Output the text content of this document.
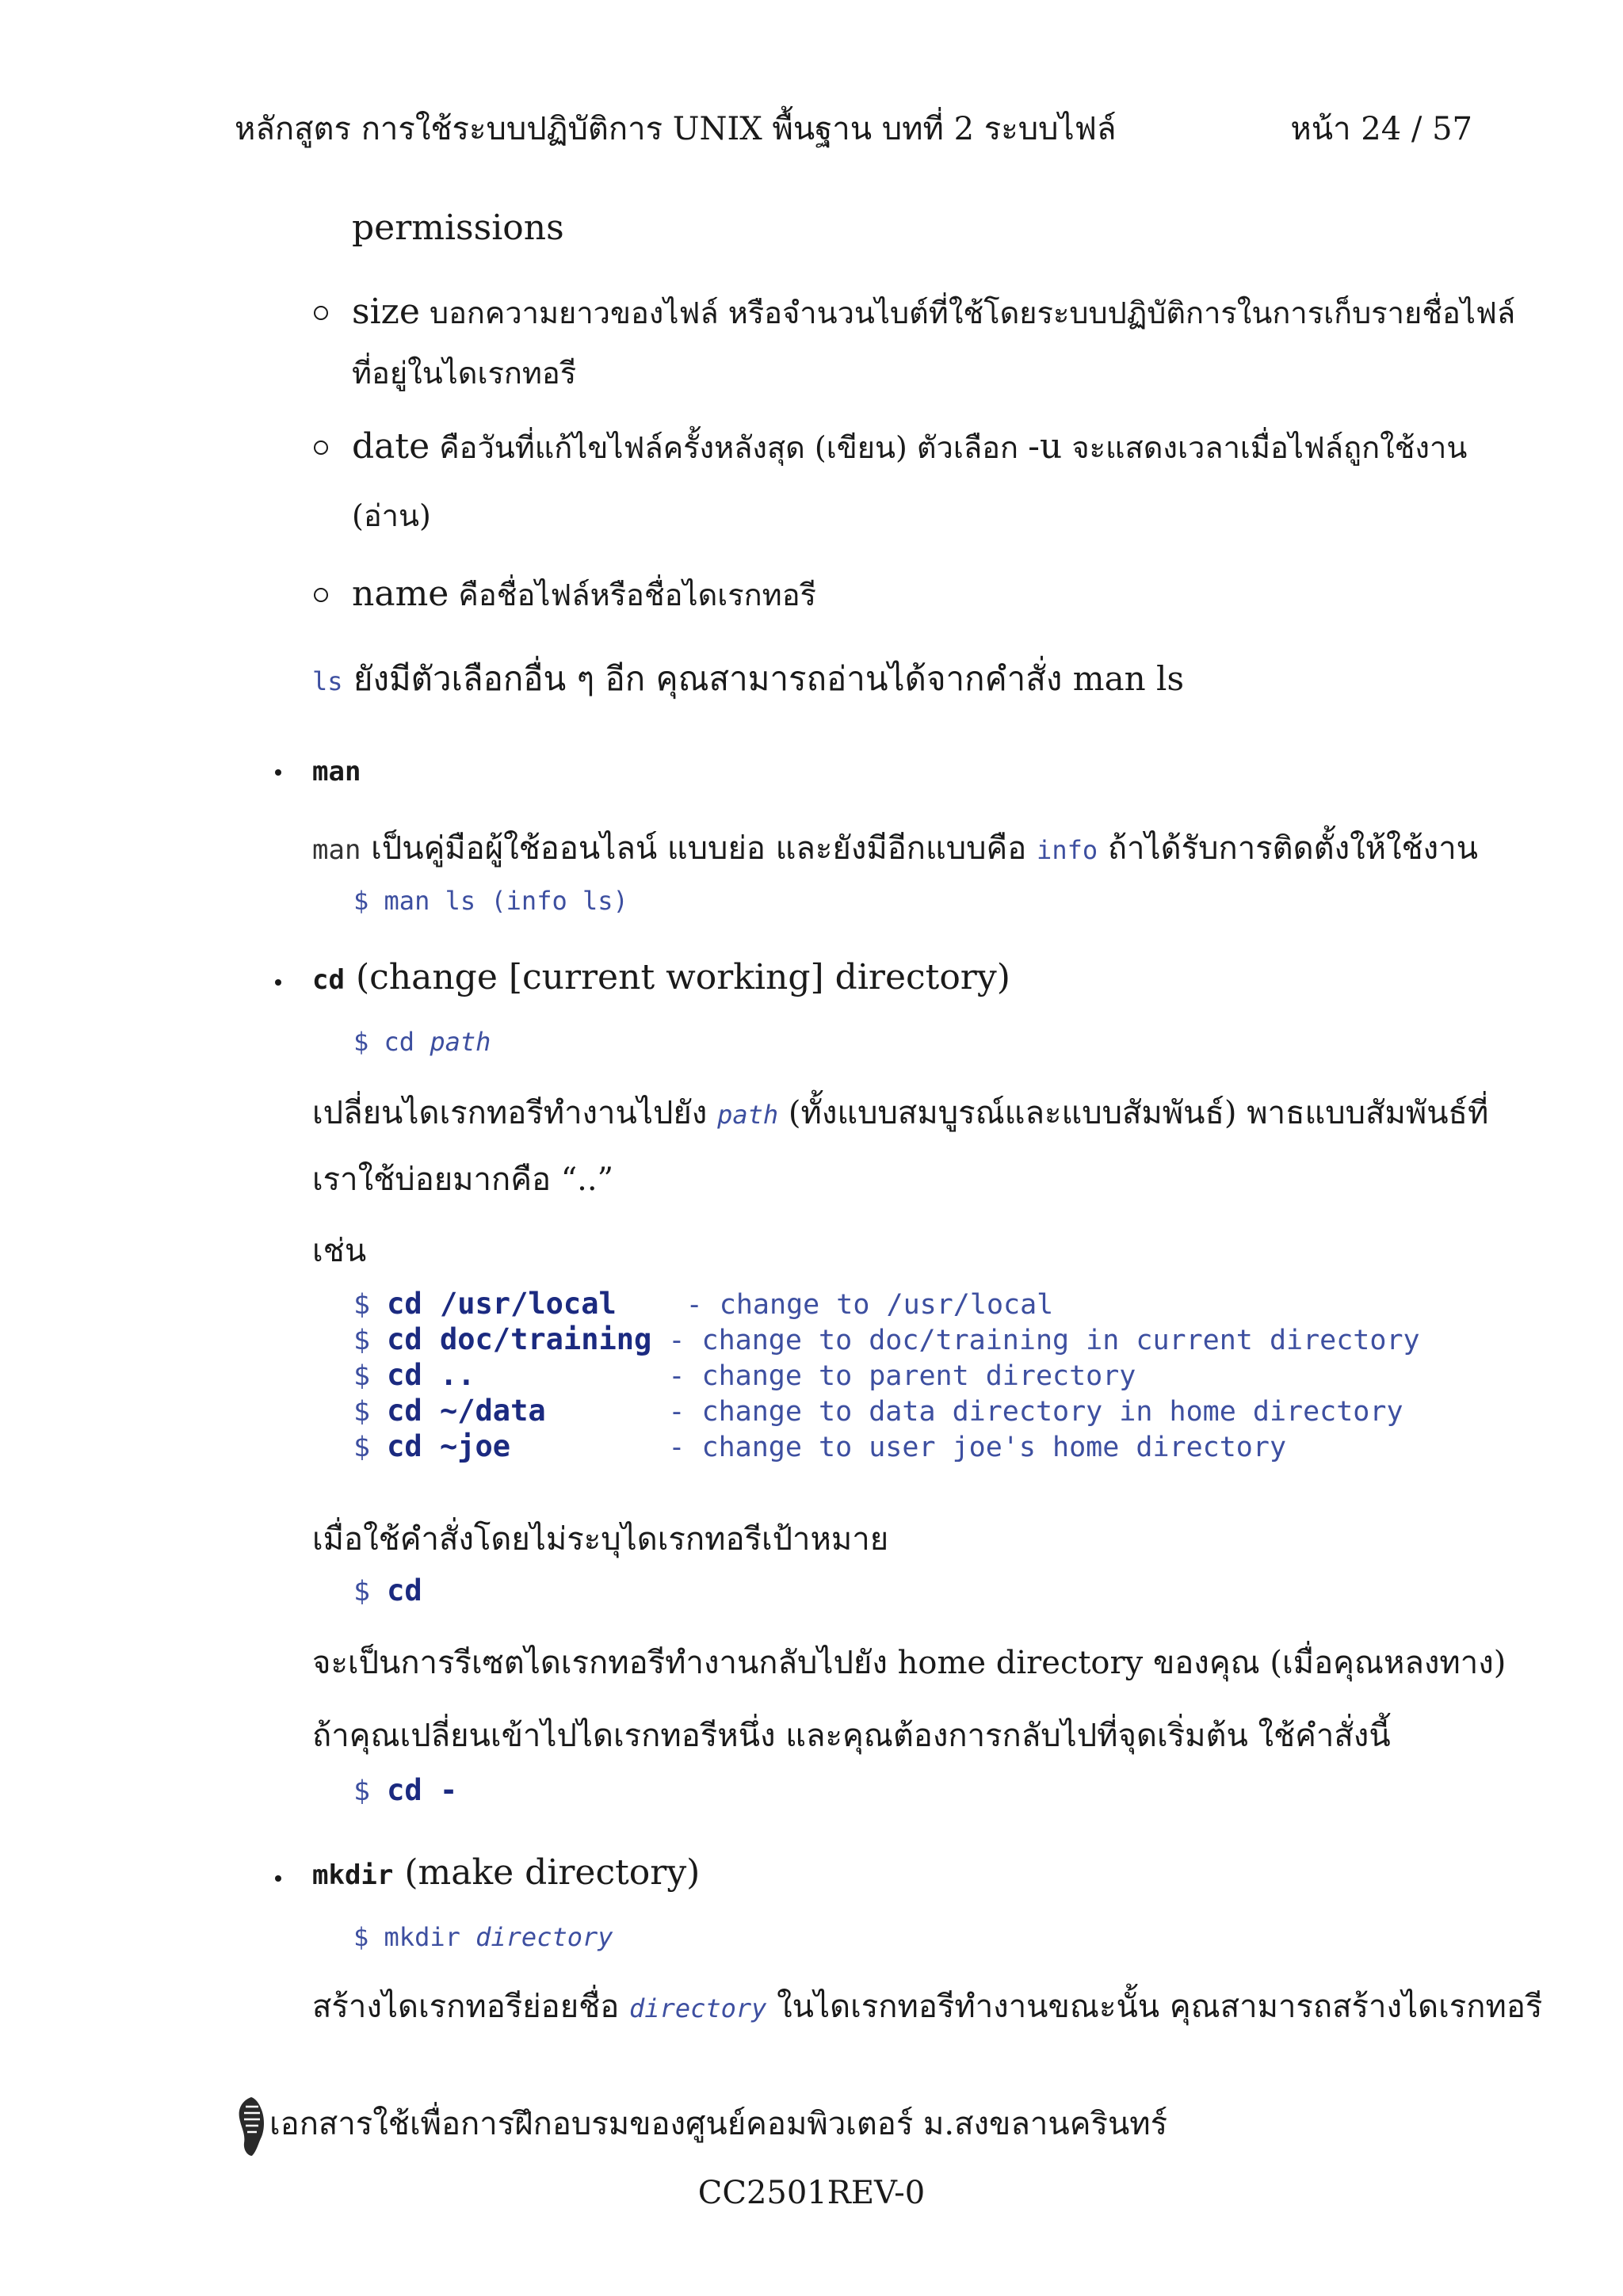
หลักสูตร การใช้ระบบปฏิบัติการ UNIX พื้นฐาน บทที่ 2 ระบบไฟล์	หน้า 24 / 57
permissions
size บอกความยาวของไฟล์ หรือจำนวนไบต์ที่ใช้โดยระบบปฏิบัติการในการเก็บรายชื่อไฟล์
ที่อยู่ในไดเรกทอรี
date คือวันที่แก้ไขไฟล์ครั้งหลังสุด (เขียน) ตัวเลือก -u จะแสดงเวลาเมื่อไฟล์ถูกใช้งาน
(อ่าน)
name คือชื่อไฟล์หรือชื่อไดเรกทอรี
ls ยังมีตัวเลือกอื่น ๆ อีก คุณสามารถอ่านได้จากคำสั่ง man ls
man
man เป็นคู่มือผู้ใช้ออนไลน์ แบบย่อ และยังมีอีกแบบคือ info ถ้าได้รับการติดตั้งให้ใช้งาน
$ man ls (info ls)
cd (change [current working] directory)
$ cd path
เปลี่ยนไดเรกทอรีทำงานไปยัง path (ทั้งแบบสมบูรณ์และแบบสัมพันธ์) พาธแบบสัมพันธ์ที่
เราใช้บ่อยมากคือ “..”
เช่น
$ cd /usr/local    - change to /usr/local
$ cd doc/training - change to doc/training in current directory
$ cd ..           - change to parent directory
$ cd ~/data       - change to data directory in home directory
$ cd ~joe         - change to user joe's home directory
เมื่อใช้คำสั่งโดยไม่ระบุไดเรกทอรีเป้าหมาย
$ cd
จะเป็นการรีเซตไดเรกทอรีทำงานกลับไปยัง home directory ของคุณ (เมื่อคุณหลงทาง)
ถ้าคุณเปลี่ยนเข้าไปไดเรกทอรีหนึ่ง และคุณต้องการกลับไปที่จุดเริ่มต้น ใช้คำสั่งนี้
$ cd -
mkdir (make directory)
$ mkdir directory
สร้างไดเรกทอรีย่อยชื่อ directory ในไดเรกทอรีทำงานขณะนั้น คุณสามารถสร้างไดเรกทอรี
เอกสารใช้เพื่อการฝึกอบรมของศูนย์คอมพิวเตอร์ ม.สงขลานครินทร์
CC2501REV-0
